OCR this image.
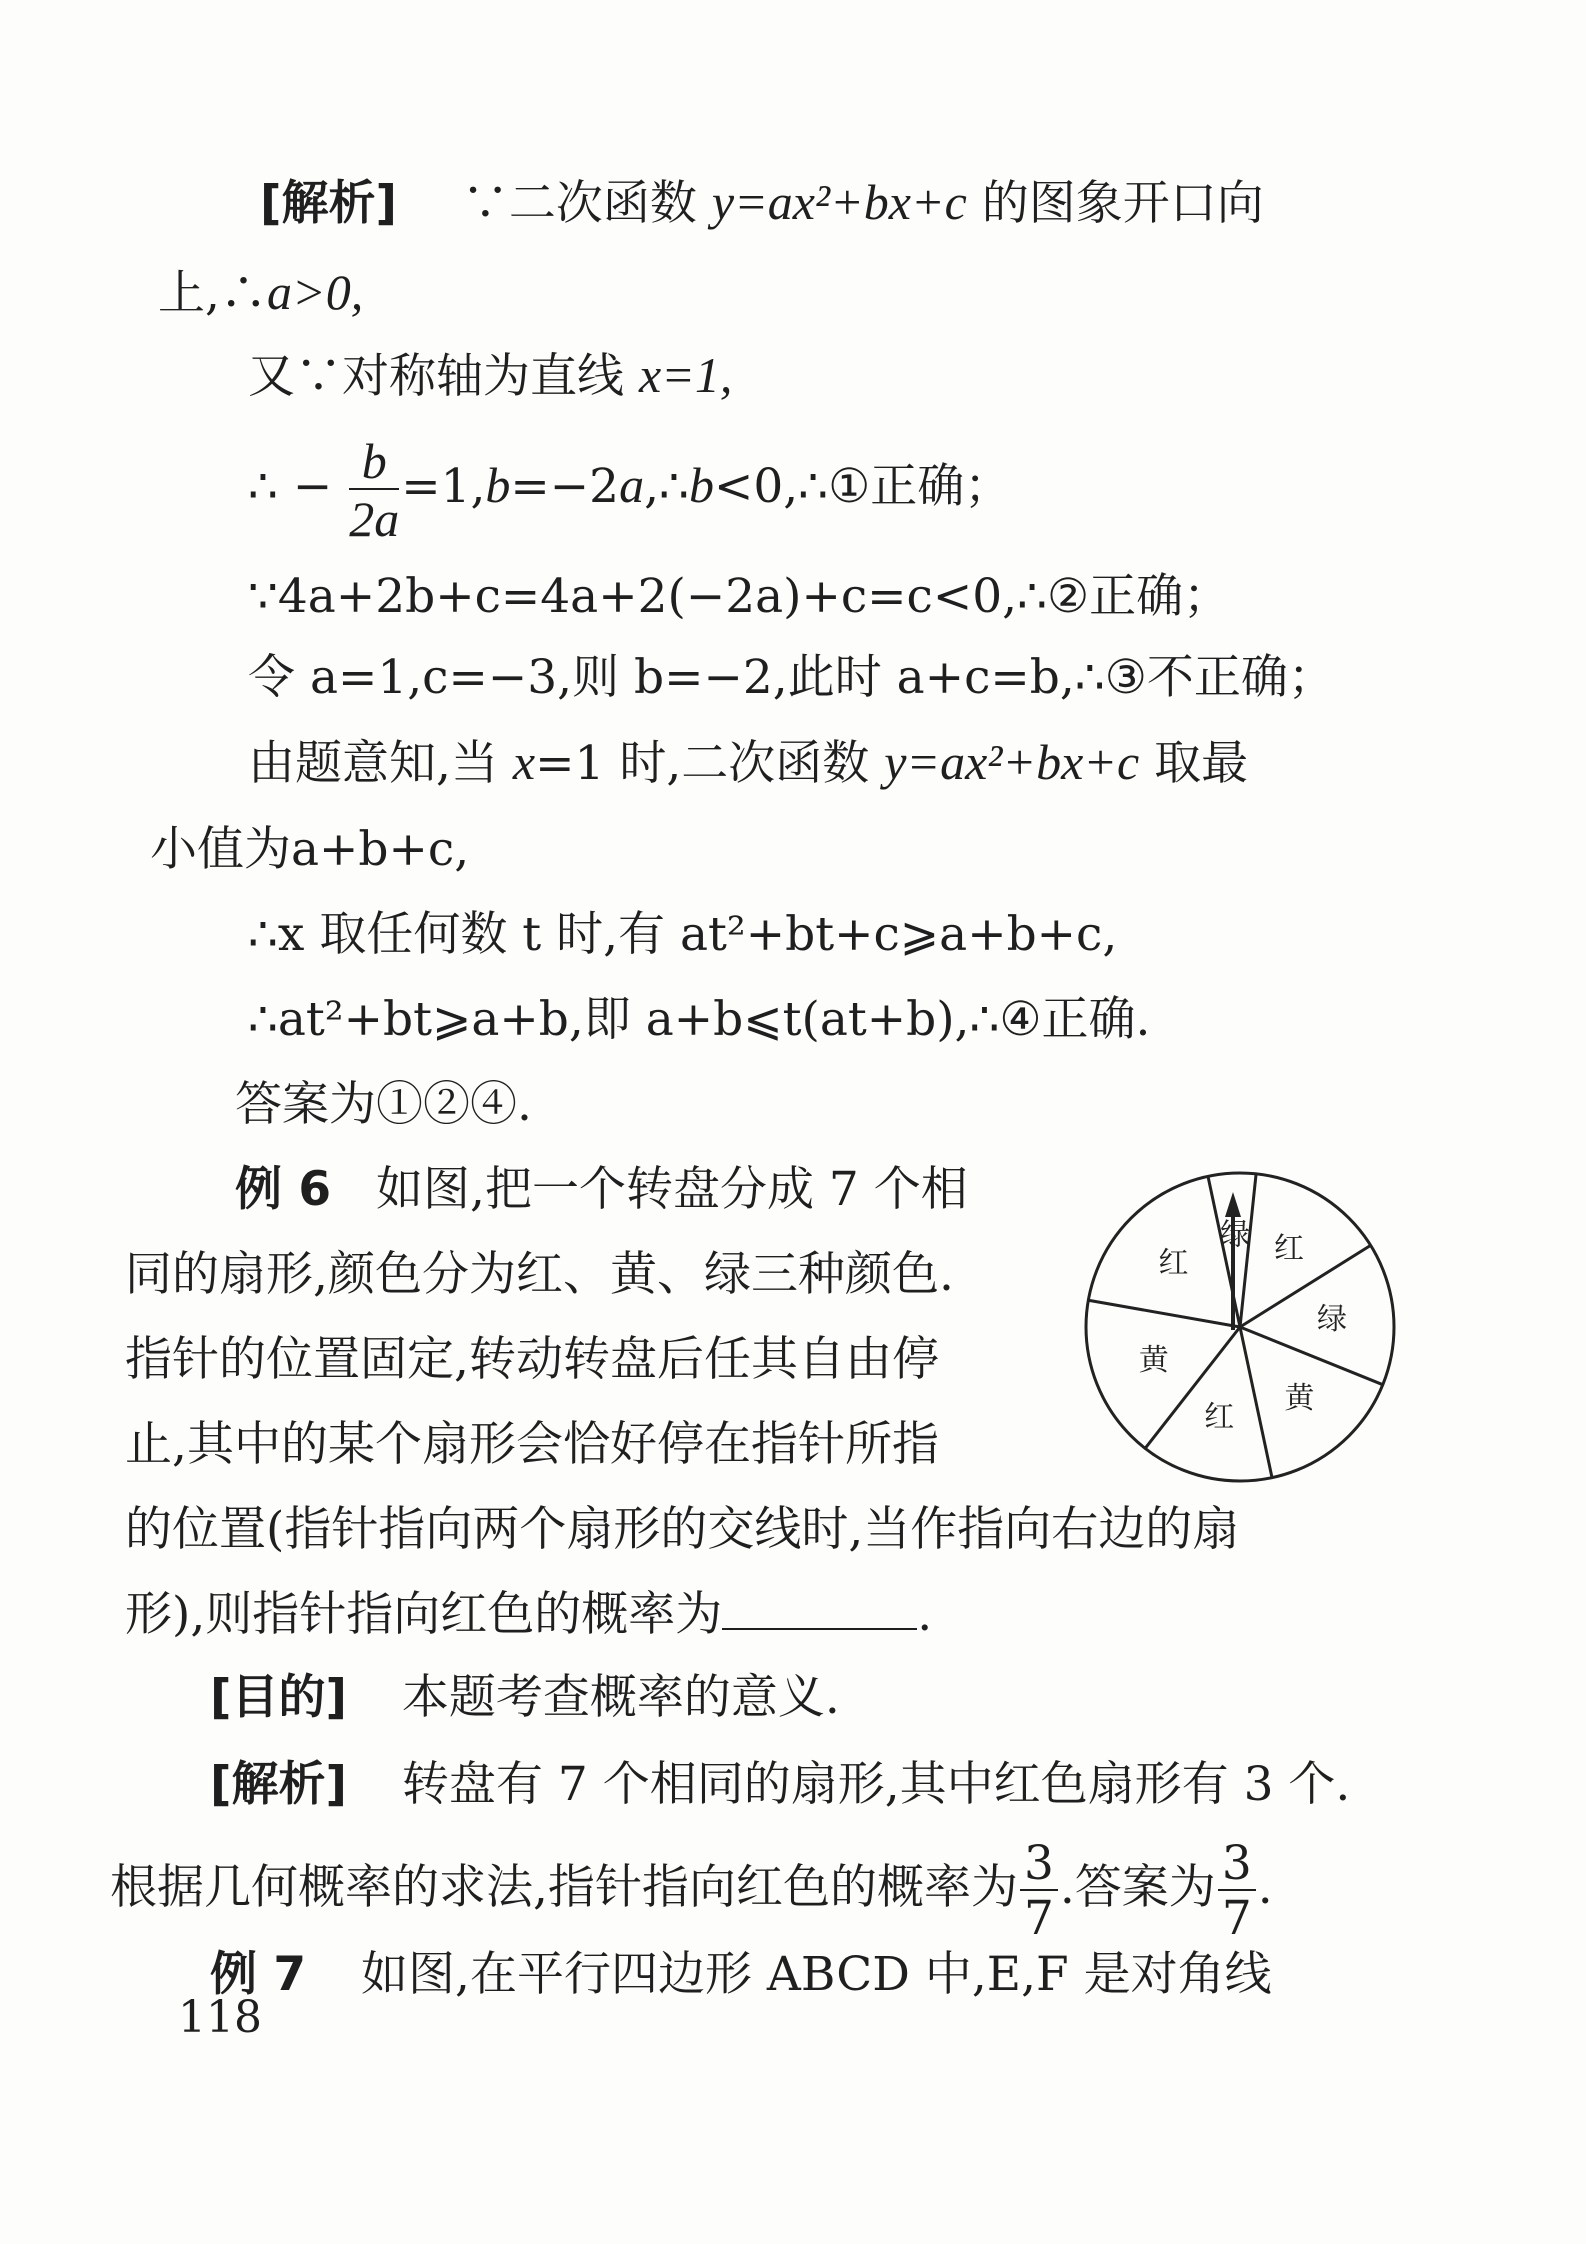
[解析] ∵二次函数 y=ax²+bx+c 的图象开口向
上,∴a>0,
又∵对称轴为直线 x=1,
∴ − $\frac{b}{2a}$ =1,b=−2a,∴b<0,∴①正确；
∵4a+2b+c=4a+2(−2a)+c=c<0,∴②正确；
令 a=1,c=−3,则 b=−2,此时 a+c=b,∴③不正确；
由题意知,当 x=1 时,二次函数 y=ax²+bx+c 取最
小值为a+b+c,
∴x 取任何数 t 时,有 at²+bt+c⩾a+b+c,
∴at²+bt⩾a+b,即 a+b⩽t(at+b),∴④正确.
答案为①②④.
例 6 如图,把一个转盘分成 7 个相
同的扇形,颜色分为红、黄、绿三种颜色.
指针的位置固定,转动转盘后任其自由停
止,其中的某个扇形会恰好停在指针所指
的位置(指针指向两个扇形的交线时,当作指向右边的扇
形),则指针指向红色的概率为	.
绿 红
绿
黄
红
黄
红
[目的] 本题考查概率的意义.
[解析] 转盘有 7 个相同的扇形,其中红色扇形有 3 个.
根据几何概率的求法,指针指向红色的概率为 $\frac{3}{7}$ .答案为 $\frac{3}{7}$ .
例 7 如图,在平行四边形 ABCD 中,E,F 是对角线
118
